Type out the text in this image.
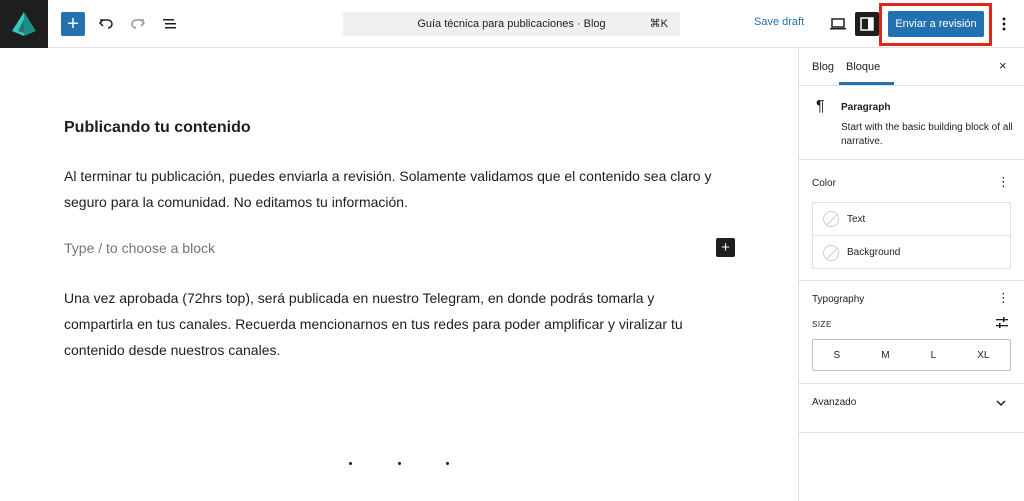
+	Guía técnica para publicaciones · Blog	⌘K	Save draft	Enviar a revisión
Publicando tu contenido
Al terminar tu publicación, puedes enviarla a revisión. Solamente validamos que el contenido sea claro y
seguro para la comunidad. No editamos tu información.
Type / to choose a block	+
Una vez aprobada (72hrs top), será publicada en nuestro Telegram, en donde podrás tomarla y
compartirla en tus canales. Recuerda mencionarnos en tus redes para poder amplificar y viralizar tu
contenido desde nuestros canales.
Blog Bloque	×
¶ Paragraph
Start with the basic building block of all narrative.
Color	⋮
Text
Background
Typography	⋮
SIZE
S	M	L	XL
Avanzado
